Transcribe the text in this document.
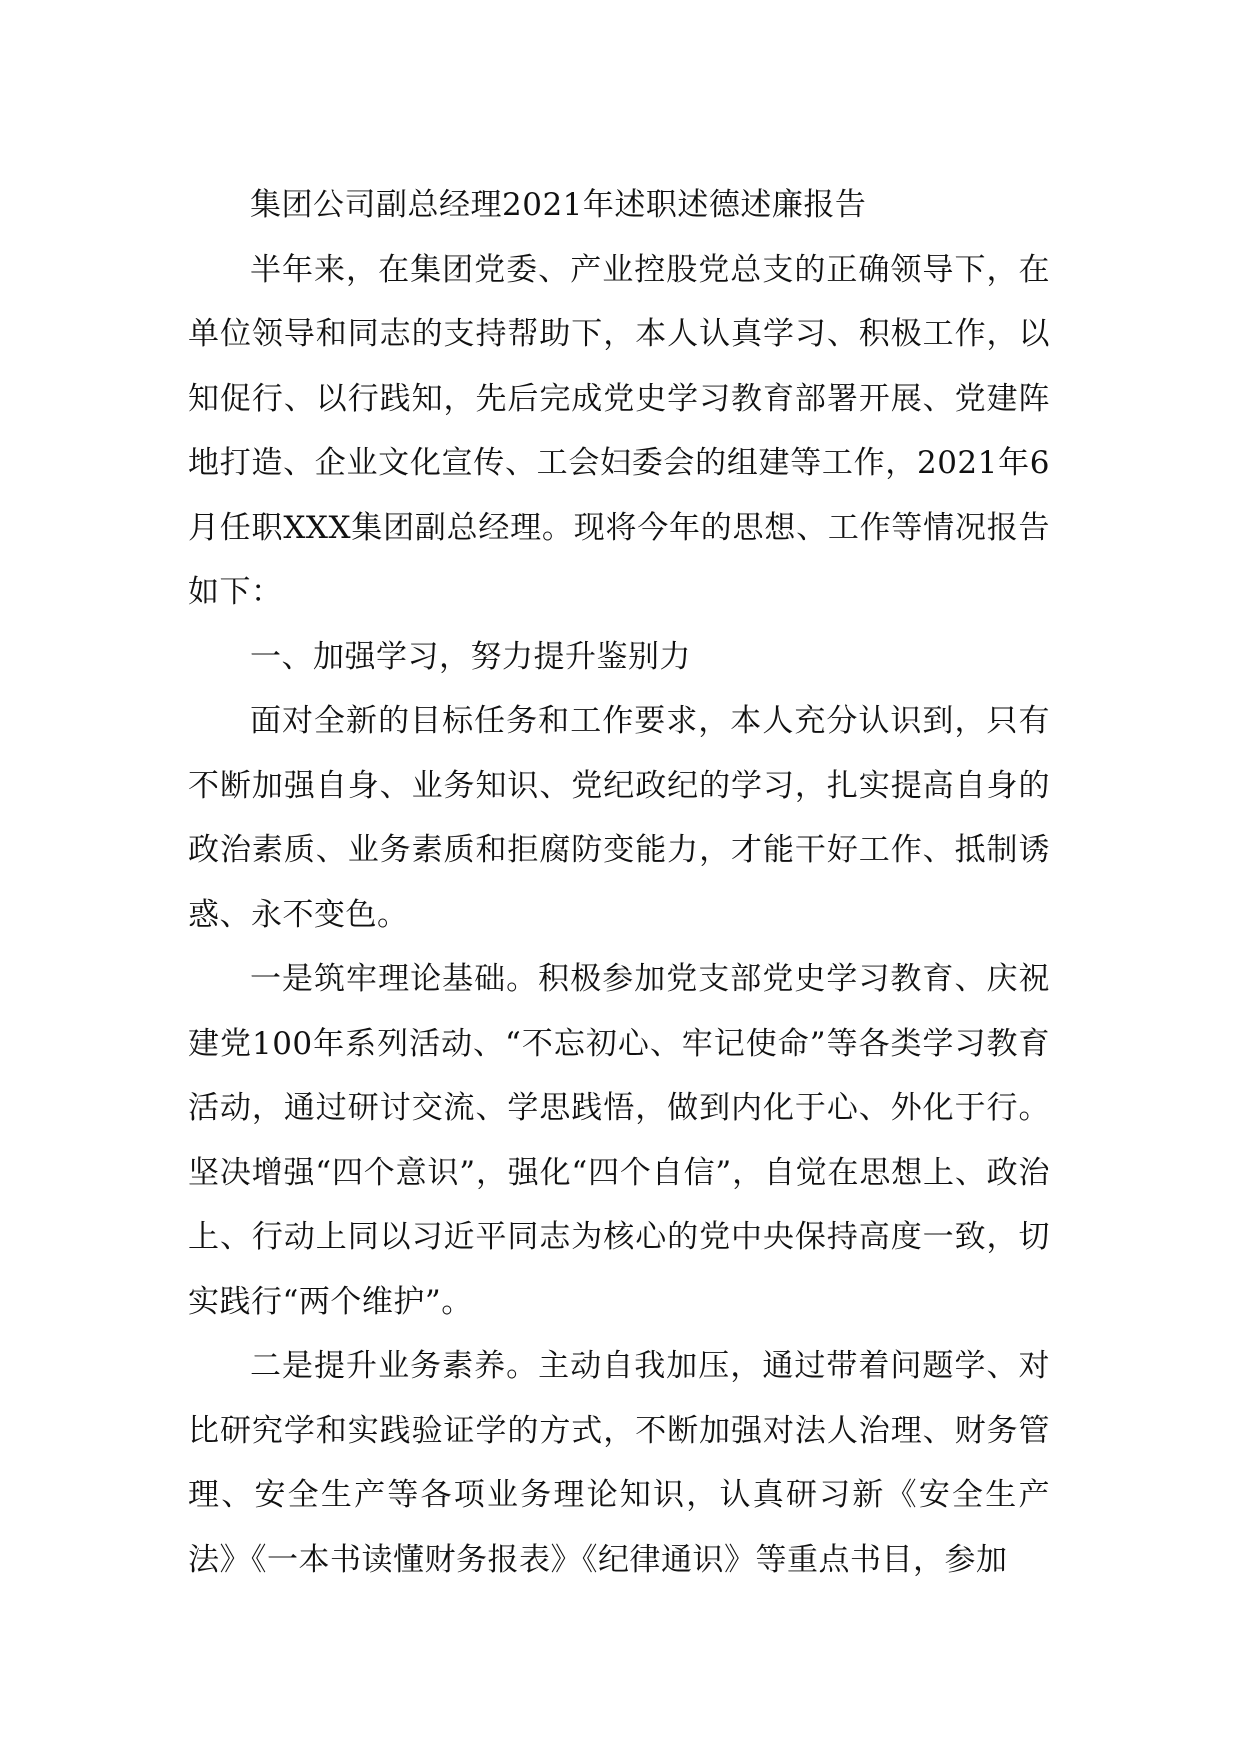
集团公司副总经理2021年述职述德述廉报告

半年来，在集团党委、产业控股党总支的正确领导下，在单位领导和同志的支持帮助下，本人认真学习、积极工作，以知促行、以行践知，先后完成党史学习教育部署开展、党建阵地打造、企业文化宣传、工会妇委会的组建等工作，2021年6月任职XXX集团副总经理。现将今年的思想、工作等情况报告如下：

一、加强学习，努力提升鉴别力

面对全新的目标任务和工作要求，本人充分认识到，只有不断加强自身、业务知识、党纪政纪的学习，扎实提高自身的政治素质、业务素质和拒腐防变能力，才能干好工作、抵制诱惑、永不变色。

一是筑牢理论基础。积极参加党支部党史学习教育、庆祝建党100年系列活动、“不忘初心、牢记使命”等各类学习教育活动，通过研讨交流、学思践悟，做到内化于心、外化于行。坚决增强“四个意识”，强化“四个自信”，自觉在思想上、政治上、行动上同以习近平同志为核心的党中央保持高度一致，切实践行“两个维护”。

二是提升业务素养。主动自我加压，通过带着问题学、对比研究学和实践验证学的方式，不断加强对法人治理、财务管理、安全生产等各项业务理论知识，认真研习新《安全生产法》《一本书读懂财务报表》《纪律通识》等重点书目，参加
